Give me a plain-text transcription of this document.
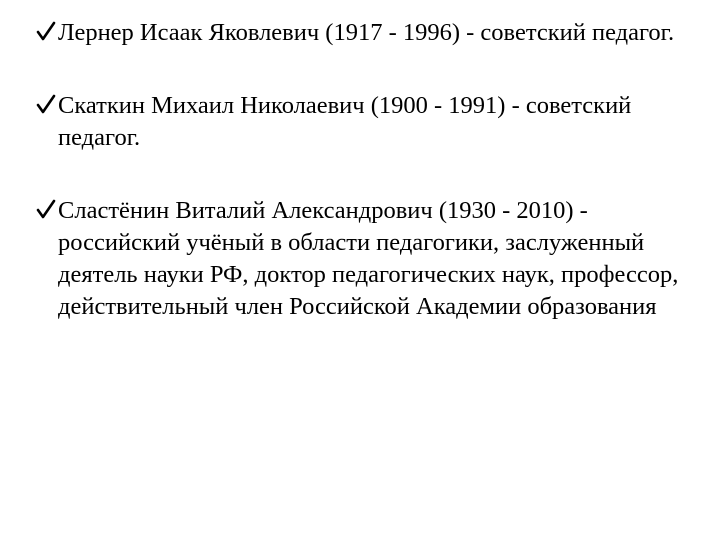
Лернер Исаак Яковлевич (1917 - 1996) - советский педагог.
Скаткин Михаил Николаевич (1900 - 1991) - советский педагог.
Сластёнин Виталий Александрович (1930 - 2010) - российский учёный в области педагогики, заслуженный деятель науки РФ, доктор педагогических наук, профессор, действительный член Российской Академии образования
